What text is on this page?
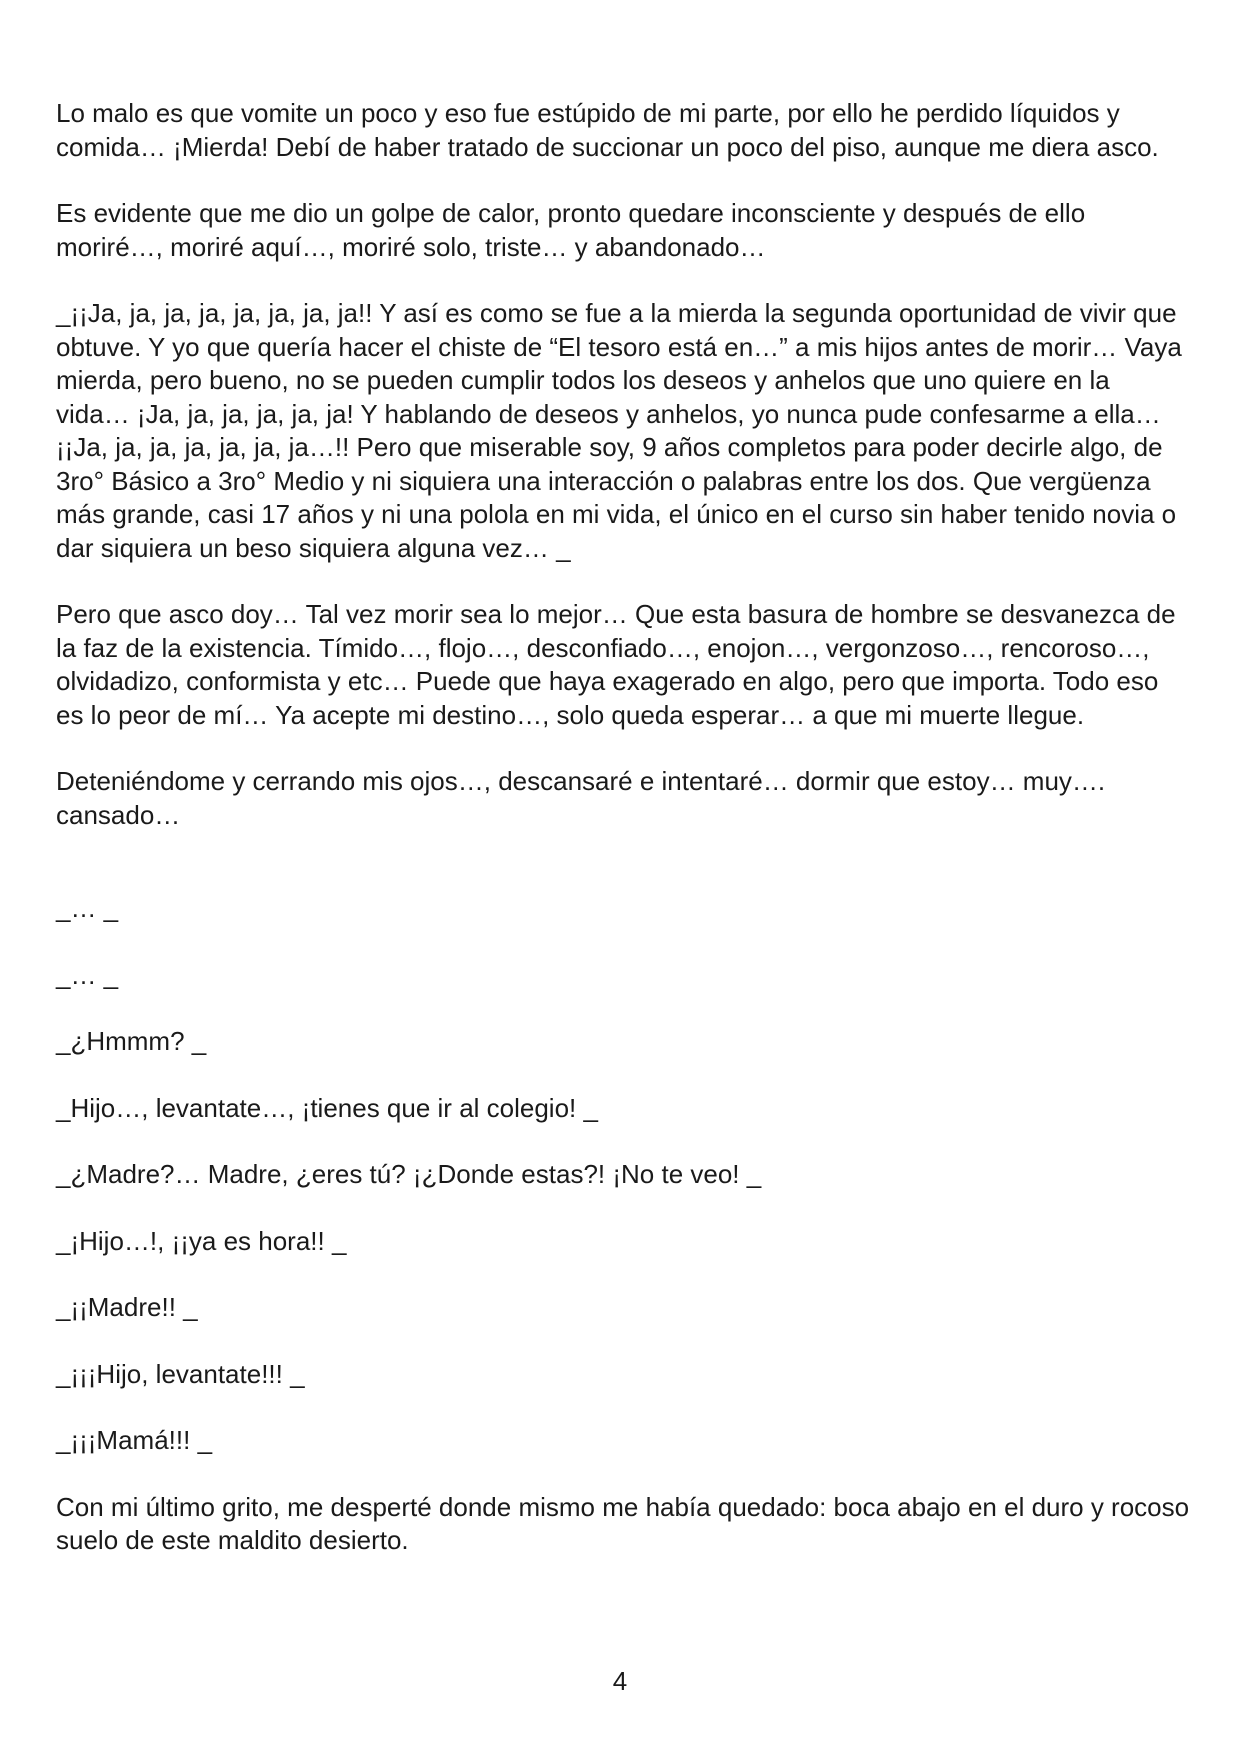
Lo malo es que vomite un poco y eso fue estúpido de mi parte, por ello he perdido líquidos y comida… ¡Mierda! Debí de haber tratado de succionar un poco del piso, aunque me diera asco.

Es evidente que me dio un golpe de calor, pronto quedare inconsciente y después de ello moriré…, moriré aquí…, moriré solo, triste… y abandonado…

_¡¡Ja, ja, ja, ja, ja, ja, ja, ja!! Y así es como se fue a la mierda la segunda oportunidad de vivir que obtuve. Y yo que quería hacer el chiste de “El tesoro está en…” a mis hijos antes de morir… Vaya mierda, pero bueno, no se pueden cumplir todos los deseos y anhelos que uno quiere en la vida… ¡Ja, ja, ja, ja, ja, ja! Y hablando de deseos y anhelos, yo nunca pude confesarme a ella… ¡¡Ja, ja, ja, ja, ja, ja, ja…!! Pero que miserable soy, 9 años completos para poder decirle algo, de 3ro° Básico a 3ro° Medio y ni siquiera una interacción o palabras entre los dos. Que vergüenza más grande, casi 17 años y ni una polola en mi vida, el único en el curso sin haber tenido novia o dar siquiera un beso siquiera alguna vez… _

Pero que asco doy… Tal vez morir sea lo mejor… Que esta basura de hombre se desvanezca de la faz de la existencia. Tímido…, flojo…, desconfiado…, enojon…, vergonzoso…, rencoroso…, olvidadizo, conformista y etc… Puede que haya exagerado en algo, pero que importa. Todo eso es lo peor de mí… Ya acepte mi destino…, solo queda esperar… a que mi muerte llegue.

Deteniéndome y cerrando mis ojos…, descansaré e intentaré… dormir que estoy… muy…. cansado…

_… _

_… _

_¿Hmmm? _

_Hijo…, levantate…, ¡tienes que ir al colegio! _

_¿Madre?… Madre, ¿eres tú? ¡¿Donde estas?! ¡No te veo! _

_¡Hijo…!, ¡¡ya es hora!! _

_¡¡Madre!! _

_¡¡¡Hijo, levantate!!! _

_¡¡¡Mamá!!! _

Con mi último grito, me desperté donde mismo me había quedado: boca abajo en el duro y rocoso suelo de este maldito desierto.

4
